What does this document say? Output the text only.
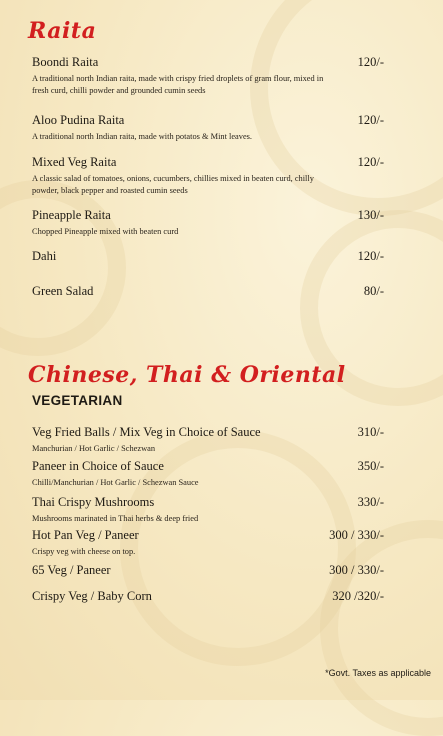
Raita
Boondi Raita	120/-
A traditional north Indian raita, made with crispy fried droplets of gram flour, mixed in fresh curd, chilli powder and grounded cumin seeds
Aloo Pudina Raita	120/-
A traditional north Indian raita, made with potatos & Mint leaves.
Mixed Veg Raita	120/-
A classic salad of tomatoes, onions, cucumbers, chillies mixed in beaten curd, chilly powder, black pepper and roasted cumin seeds
Pineapple Raita	130/-
Chopped Pineapple mixed with beaten curd
Dahi	120/-
Green Salad	80/-
Chinese, Thai & Oriental
VEGETARIAN
Veg Fried Balls / Mix Veg in Choice of Sauce	310/-
Manchurian / Hot Garlic / Schezwan
Paneer in Choice of Sauce	350/-
Chilli/Manchurian / Hot Garlic / Schezwan Sauce
Thai Crispy Mushrooms	330/-
Mushrooms marinated in Thai herbs & deep fried
Hot Pan Veg / Paneer	300 / 330/-
Crispy veg with cheese on top.
65 Veg / Paneer	300 / 330/-
Crispy Veg / Baby Corn	320 /320/-
*Govt. Taxes as applicable
